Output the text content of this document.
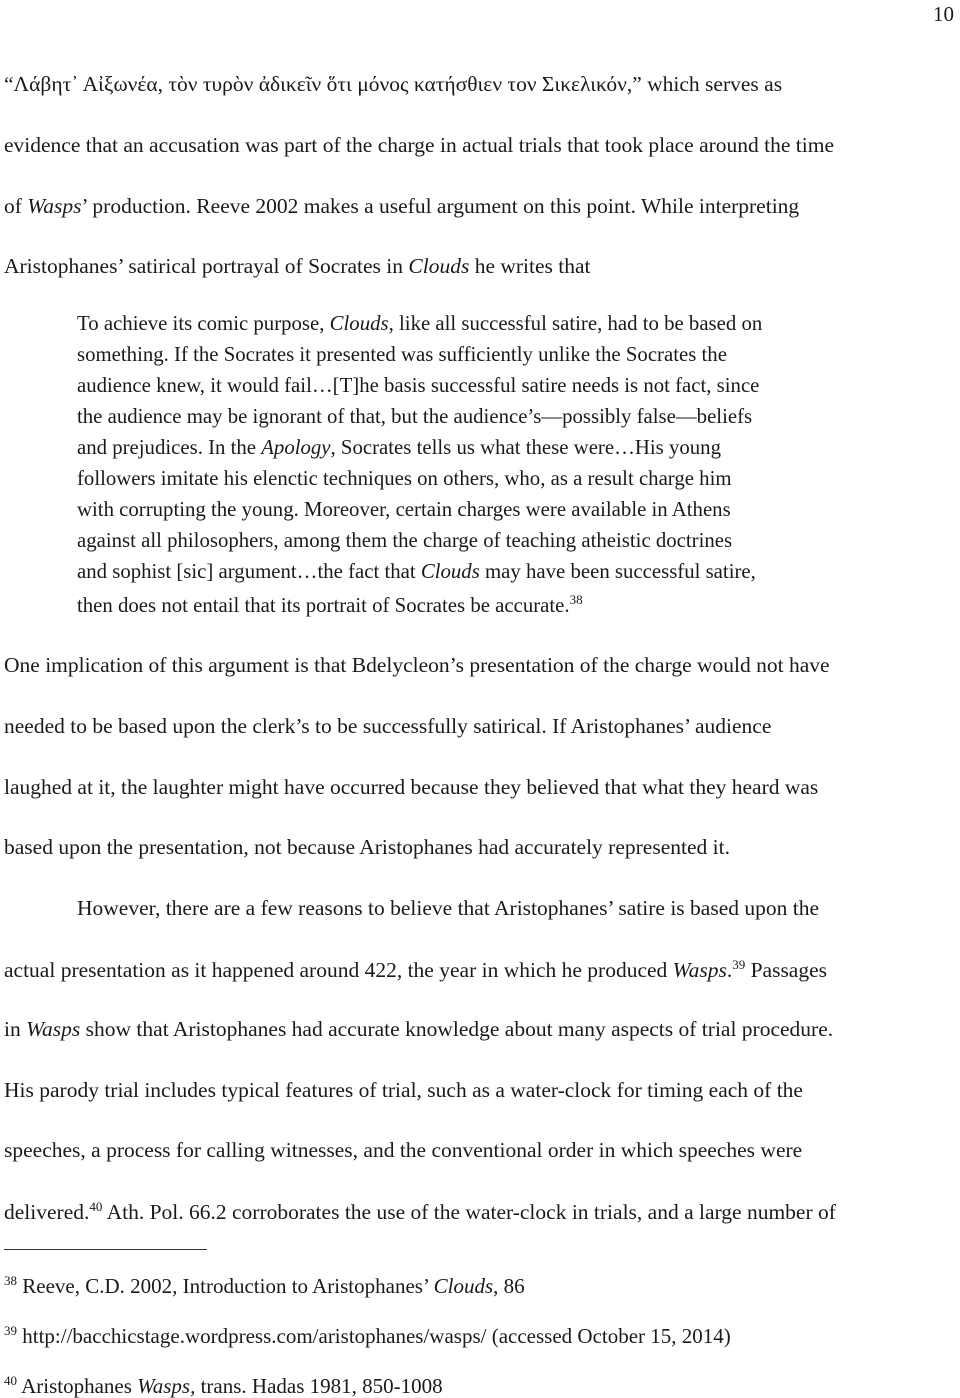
10
“Λάβητ᾽ Αἰξωνέα, τὸν τυρὸν ἀδικεῖν ὅτι μόνος κατήσθιεν τον Σικελικόν,” which serves as
evidence that an accusation was part of the charge in actual trials that took place around the time
of Wasps’ production. Reeve 2002 makes a useful argument on this point. While interpreting
Aristophanes’ satirical portrayal of Socrates in Clouds he writes that
To achieve its comic purpose, Clouds, like all successful satire, had to be based on
something. If the Socrates it presented was sufficiently unlike the Socrates the
audience knew, it would fail…[T]he basis successful satire needs is not fact, since
the audience may be ignorant of that, but the audience’s—possibly false—beliefs
and prejudices. In the Apology, Socrates tells us what these were…His young
followers imitate his elenctic techniques on others, who, as a result charge him
with corrupting the young. Moreover, certain charges were available in Athens
against all philosophers, among them the charge of teaching atheistic doctrines
and sophist [sic] argument…the fact that Clouds may have been successful satire,
then does not entail that its portrait of Socrates be accurate.$^{38}$
One implication of this argument is that Bdelycleon’s presentation of the charge would not have
needed to be based upon the clerk’s to be successfully satirical. If Aristophanes’ audience
laughed at it, the laughter might have occurred because they believed that what they heard was
based upon the presentation, not because Aristophanes had accurately represented it.
However, there are a few reasons to believe that Aristophanes’ satire is based upon the
actual presentation as it happened around 422, the year in which he produced Wasps.$^{39}$ Passages
in Wasps show that Aristophanes had accurate knowledge about many aspects of trial procedure.
His parody trial includes typical features of trial, such as a water-clock for timing each of the
speeches, a process for calling witnesses, and the conventional order in which speeches were
delivered.$^{40}$ Ath. Pol. 66.2 corroborates the use of the water-clock in trials, and a large number of
$^{38}$ Reeve, C.D. 2002, Introduction to Aristophanes’ Clouds, 86
$^{39}$ http://bacchicstage.wordpress.com/aristophanes/wasps/ (accessed October 15, 2014)
$^{40}$ Aristophanes Wasps, trans. Hadas 1981, 850-1008
